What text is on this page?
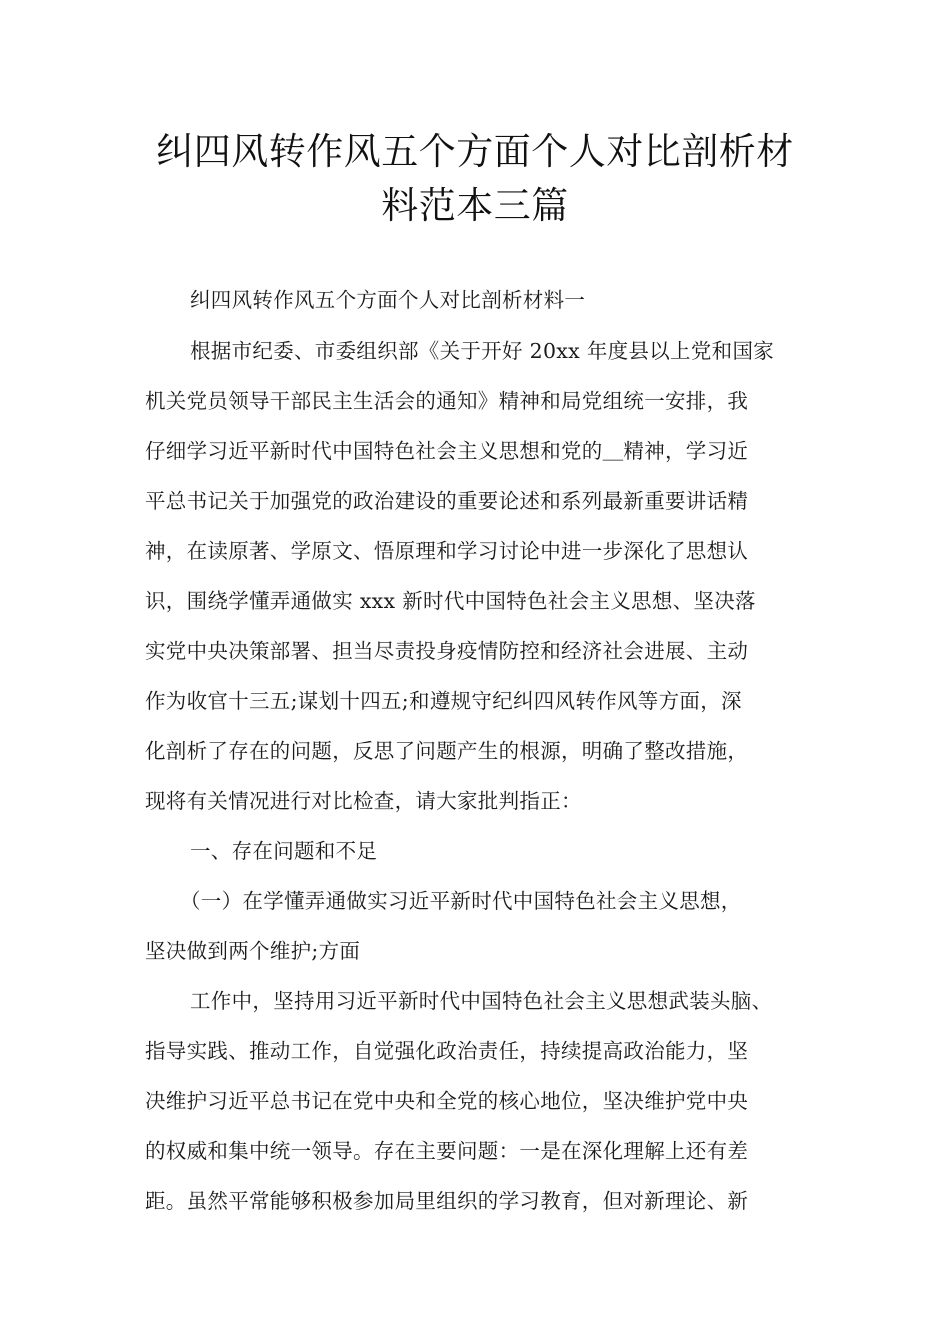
纠四风转作风五个方面个人对比剖析材
料范本三篇
纠四风转作风五个方面个人对比剖析材料一
根据市纪委、市委组织部《关于开好 20xx 年度县以上党和国家
机关党员领导干部民主生活会的通知》精神和局党组统一安排，我
仔细学习近平新时代中国特色社会主义思想和党的＿精神，学习近
平总书记关于加强党的政治建设的重要论述和系列最新重要讲话精
神，在读原著、学原文、悟原理和学习讨论中进一步深化了思想认
识，围绕学懂弄通做实 xxx 新时代中国特色社会主义思想、坚决落
实党中央决策部署、担当尽责投身疫情防控和经济社会进展、主动
作为收官十三五;谋划十四五;和遵规守纪纠四风转作风等方面，深
化剖析了存在的问题，反思了问题产生的根源，明确了整改措施，
现将有关情况进行对比检查，请大家批判指正：
一、存在问题和不足
（一）在学懂弄通做实习近平新时代中国特色社会主义思想，
坚决做到两个维护;方面
工作中，坚持用习近平新时代中国特色社会主义思想武装头脑、
指导实践、推动工作，自觉强化政治责任，持续提高政治能力，坚
决维护习近平总书记在党中央和全党的核心地位，坚决维护党中央
的权威和集中统一领导。存在主要问题：一是在深化理解上还有差
距。虽然平常能够积极参加局里组织的学习教育，但对新理论、新
